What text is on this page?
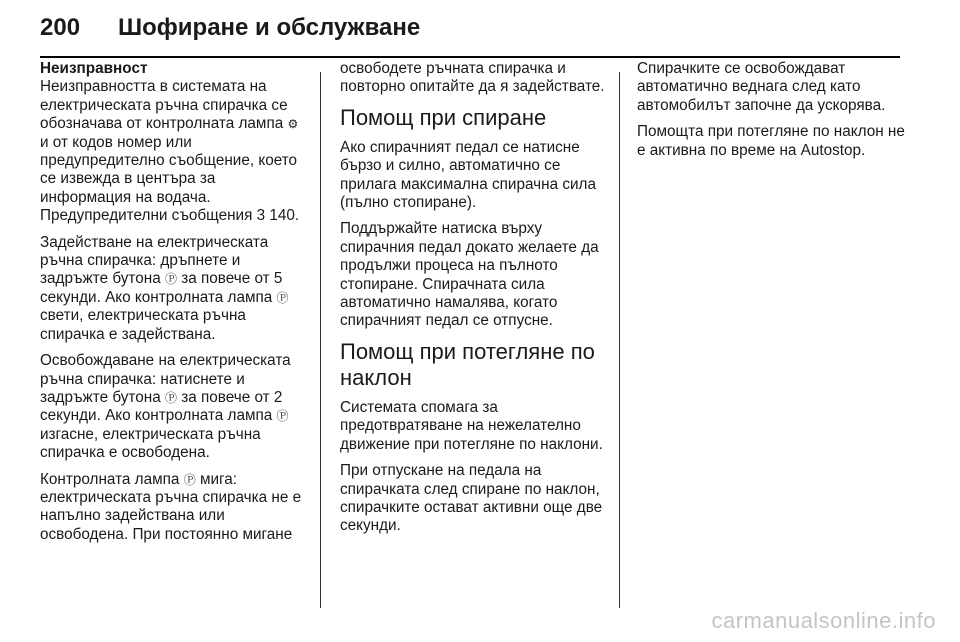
200 Шофиране и обслужване

Неизправност

Неизправността в системата на електрическата ръчна спирачка се обозначава от контролната лампа ⚙ и от кодов номер или предупредително съобщение, което се извежда в центъра за информация на водача. Предупредителни съобщения 3 140.

Задействане на електрическата ръчна спирачка: дръпнете и задръжте бутона Ⓟ за повече от 5 секунди. Ако контролната лампа Ⓟ свети, електрическата ръчна спирачка е задействана.

Освобождаване на електрическата ръчна спирачка: натиснете и задръжте бутона Ⓟ за повече от 2 секунди. Ако контролната лампа Ⓟ изгасне, електрическата ръчна спирачка е освободена.

Контролната лампа Ⓟ мига: електрическата ръчна спирачка не е напълно задействана или освободена. При постоянно мигане

освободете ръчната спирачка и повторно опитайте да я задействате.

Помощ при спиране

Ако спирачният педал се натисне бързо и силно, автоматично се прилага максимална спирачна сила (пълно стопиране).

Поддържайте натиска върху спирачния педал докато желаете да продължи процеса на пълното стопиране. Спирачната сила автоматично намалява, когато спирачният педал се отпусне.

Помощ при потегляне по наклон

Системата спомага за предотвратяване на нежелателно движение при потегляне по наклони.

При отпускане на педала на спирачката след спиране по наклон, спирачките остават активни още две секунди.

Спирачките се освобождават автоматично веднага след като автомобилът започне да ускорява.

Помощта при потегляне по наклон не е активна по време на Autostop.

carmanualsonline.info
